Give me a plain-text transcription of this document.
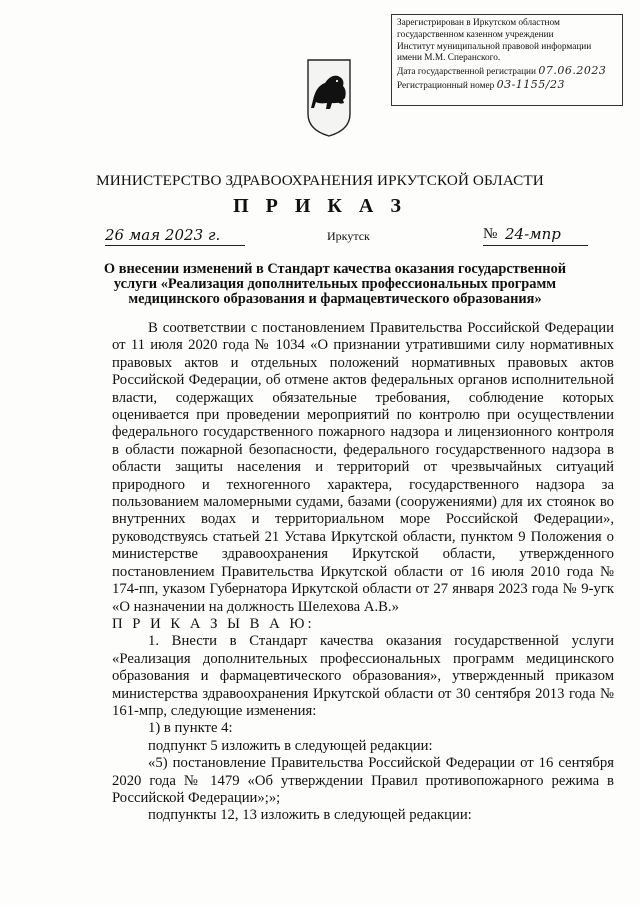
Зарегистрирован в Иркутском областном
государственном казенном учреждении
Институт муниципальной правовой информации
имени М.М. Сперанского.
Дата государственной регистрации 07.06.2023
Регистрационный номер 03-1155/23
МИНИСТЕРСТВО ЗДРАВООХРАНЕНИЯ ИРКУТСКОЙ ОБЛАСТИ
П Р И К А З
26 мая 2023 г.	Иркутск	№ 24-мпр
О внесении изменений в Стандарт качества оказания государственной услуги «Реализация дополнительных профессиональных программ медицинского образования и фармацевтического образования»

В соответствии с постановлением Правительства Российской Федерации от 11 июля 2020 года № 1034 «О признании утратившими силу нормативных правовых актов и отдельных положений нормативных правовых актов Российской Федерации, об отмене актов федеральных органов исполнительной власти, содержащих обязательные требования, соблюдение которых оценивается при проведении мероприятий по контролю при осуществлении федерального государственного пожарного надзора и лицензионного контроля в области пожарной безопасности, федерального государственного надзора в области защиты населения и территорий от чрезвычайных ситуаций природного и техногенного характера, государственного надзора за пользованием маломерными судами, базами (сооружениями) для их стоянок во внутренних водах и территориальном море Российской Федерации», руководствуясь статьей 21 Устава Иркутской области, пунктом 9 Положения о министерстве здравоохранения Иркутской области, утвержденного постановлением Правительства Иркутской области от 16 июля 2010 года № 174-пп, указом Губернатора Иркутской области от 27 января 2023 года № 9-угк «О назначении на должность Шелехова А.В.»

П Р И К А З Ы В А Ю:

1. Внести в Стандарт качества оказания государственной услуги «Реализация дополнительных профессиональных программ медицинского образования и фармацевтического образования», утвержденный приказом министерства здравоохранения Иркутской области от 30 сентября 2013 года № 161-мпр, следующие изменения:

1) в пункте 4:

подпункт 5 изложить в следующей редакции:

«5) постановление Правительства Российской Федерации от 16 сентября 2020 года № 1479 «Об утверждении Правил противопожарного режима в Российской Федерации»;»;

подпункты 12, 13 изложить в следующей редакции:
